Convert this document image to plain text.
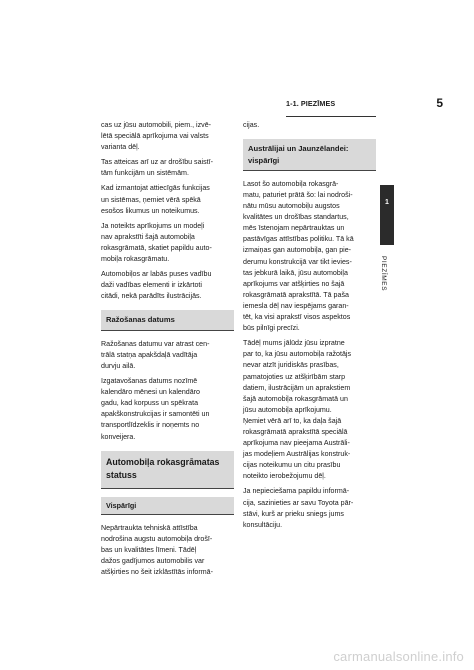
1-1. PIEZĪMES	5
1
PIEZĪMES

cas uz jūsu automobili, piem., izvē-
lētā speciālā aprīkojuma vai valsts
varianta dēļ.

Tas atteicas arī uz ar drošību saistī-
tām funkcijām un sistēmām.

Kad izmantojat attiecīgās funkcijas
un sistēmas, ņemiet vērā spēkā
esošos likumus un noteikumus.

Ja noteikts aprīkojums un modeļi
nav aprakstīti šajā automobiļa
rokasgrāmatā, skatiet papildu auto-
mobiļa rokasgrāmatu.

Automobiļos ar labās puses vadību
daži vadības elementi ir izkārtoti
citādi, nekā parādīts ilustrācijās.

Ražošanas datums

Ražošanas datumu var atrast cen-
trālā statņa apakšdaļā vadītāja
durvju ailā.

Izgatavošanas datums nozīmē
kalendāro mēnesi un kalendāro
gadu, kad korpuss un spēkrata
apakškonstrukcijas ir samontēti un
transportlīdzeklis ir noņemts no
konveijera.

Automobiļa rokasgrāmatas
statuss
Vispārīgi

Nepārtraukta tehniskā attīstība
nodrošina augstu automobiļa drošī-
bas un kvalitātes līmeni. Tādēļ
dažos gadījumos automobilis var
atšķirties no šeit izklāstītās informā-

cijas.

Austrālijai un Jaunzēlandei:
vispārīgi

Lasot šo automobiļa rokasgrā-
matu, paturiet prātā šo: lai nodroši-
nātu mūsu automobiļu augstos
kvalitātes un drošības standartus,
mēs īstenojam nepārtrauktas un
pastāvīgas attīstības politiku. Tā kā
izmaiņas gan automobiļa, gan pie-
derumu konstrukcijā var tikt ievies-
tas jebkurā laikā, jūsu automobiļa
aprīkojums var atšķirties no šajā
rokasgrāmatā aprakstītā. Tā paša
iemesla dēļ nav iespējams garan-
tēt, ka visi aprakstī visos aspektos
būs pilnīgi precīzi.

Tādēļ mums jālūdz jūsu izpratne
par to, ka jūsu automobiļa ražotājs
nevar atzīt juridiskās prasības,
pamatojoties uz atšķirībām starp
datiem, ilustrācijām un aprakstiem
šajā automobiļa rokasgrāmatā un
jūsu automobiļa aprīkojumu.
Ņemiet vērā arī to, ka daļa šajā
rokasgrāmatā aprakstītā speciālā
aprīkojuma nav pieejama Austrāli-
jas modeļiem Austrālijas konstruk-
cijas noteikumu un citu prasību
noteikto ierobežojumu dēļ.

Ja nepieciešama papildu informā-
cija, sazinieties ar savu Toyota pār-
stāvi, kurš ar prieku sniegs jums
konsultāciju.

carmanualsonline.info
